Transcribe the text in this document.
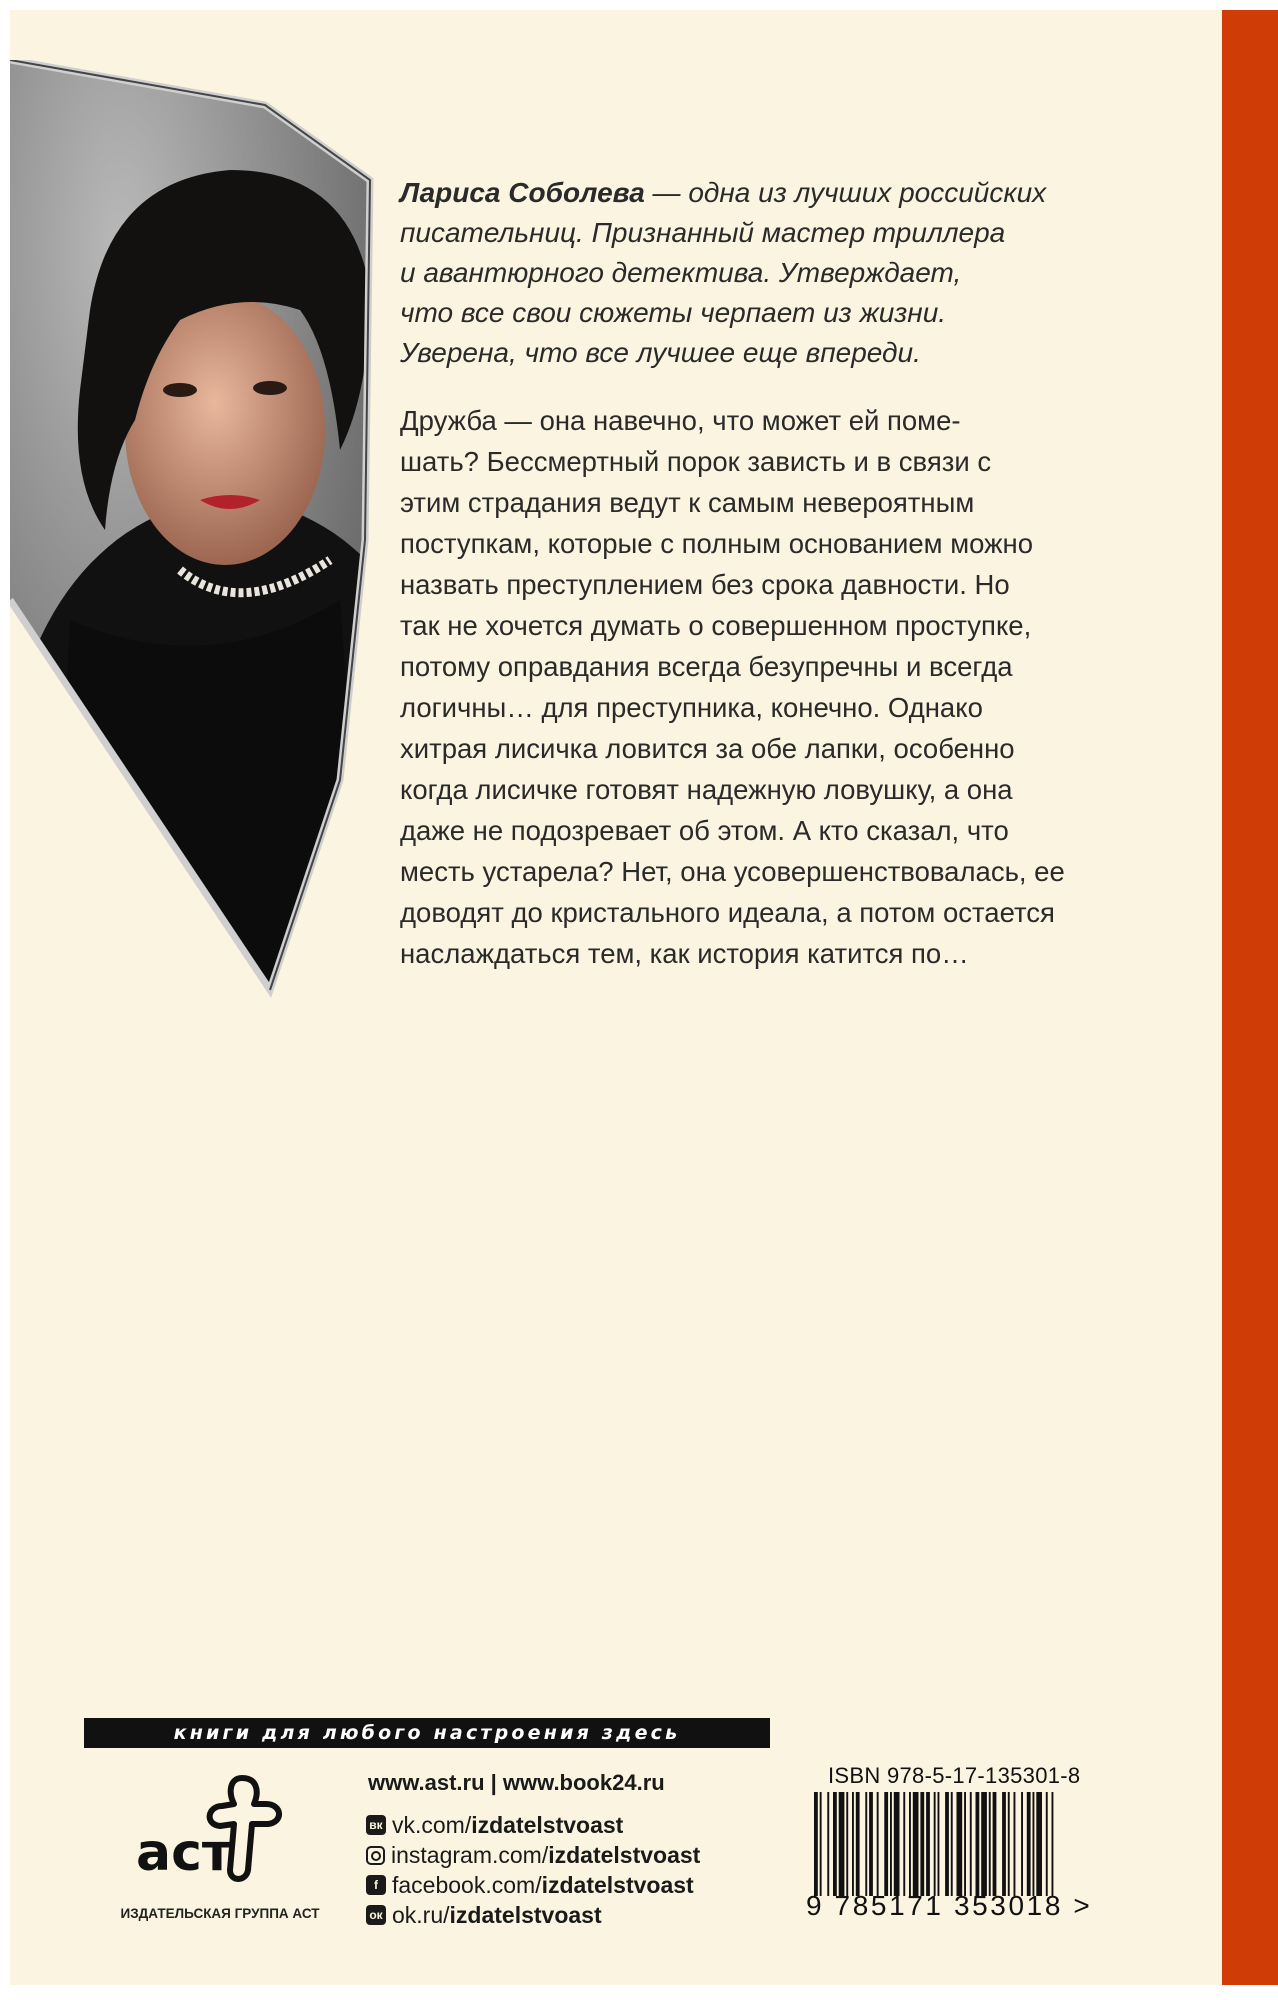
Лариса Соболева — одна из лучших российских
писательниц. Признанный мастер триллера
и авантюрного детектива. Утверждает,
что все свои сюжеты черпает из жизни.
Уверена, что все лучшее еще впереди.

Дружба — она навечно, что может ей поме-
шать? Бессмертный порок зависть и в связи с
этим страдания ведут к самым невероятным
поступкам, которые с полным основанием можно
назвать преступлением без срока давности. Но
так не хочется думать о совершенном проступке,
потому оправдания всегда безупречны и всегда
логичны… для преступника, конечно. Однако
хитрая лисичка ловится за обе лапки, особенно
когда лисичке готовят надежную ловушку, а она
даже не подозревает об этом. А кто сказал, что
месть устарела? Нет, она усовершенствовалась, ее
доводят до кристального идеала, а потом остается
наслаждаться тем, как история катится по…

книги для любого настроения здесь
аст
ИЗДАТЕЛЬСКАЯ ГРУППА АСТ
www.ast.ru | www.book24.ru
вк vk.com/ izdatelstvoast
instagram.com/ izdatelstvoast
f facebook.com/ izdatelstvoast
ок ok.ru/ izdatelstvoast
ISBN 978-5-17-135301-8
9 785171 353018 >
